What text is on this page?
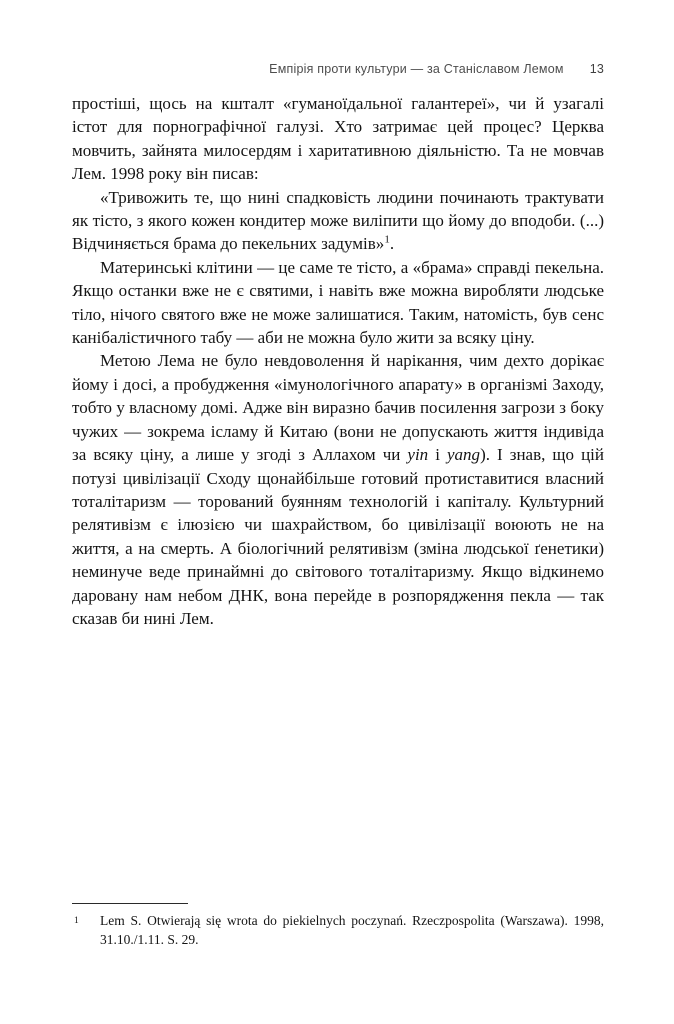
Емпірія проти культури — за Станіславом Лемом 13

простіші, щось на кшталт «гуманоїдальної галантереї», чи й узагалі істот для порнографічної галузі. Хто затримає цей процес? Церква мовчить, зайнята милосердям і харитативною діяльністю. Та не мовчав Лем. 1998 року він писав:

«Тривожить те, що нині спадковість людини починають трактувати як тісто, з якого кожен кондитер може виліпити що йому до вподоби. (...) Відчиняється брама до пекельних задумів»$^1$.

Материнські клітини — це саме те тісто, а «брама» справді пекельна. Якщо останки вже не є святими, і навіть вже можна виробляти людське тіло, нічого святого вже не може залишатися. Таким, натомість, був сенс канібалістичного табу — аби не можна було жити за всяку ціну.

Метою Лема не було невдоволення й нарікання, чим дехто дорікає йому і досі, а пробудження «імунологічного апарату» в організмі Заходу, тобто у власному домі. Адже він виразно бачив посилення загрози з боку чужих — зокрема ісламу й Китаю (вони не допускають життя індивіда за всяку ціну, а лише у згоді з Аллахом чи yin і yang). І знав, що цій потузі цивілізації Сходу щонайбільше готовий протиставитися власний тоталітаризм — торований буянням технологій і капіталу. Культурний релятивізм є ілюзією чи шахрайством, бо цивілізації воюють не на життя, а на смерть. А біологічний релятивізм (зміна людської ґенетики) неминуче веде принаймні до світового тоталітаризму. Якщо відкинемо даровану нам небом ДНК, вона перейде в розпорядження пекла — так сказав би нині Лем.

1 Lem S. Otwierają się wrota do piekielnych poczynań. Rzeczpospolita (Warszawa). 1998, 31.10./1.11. S. 29.
